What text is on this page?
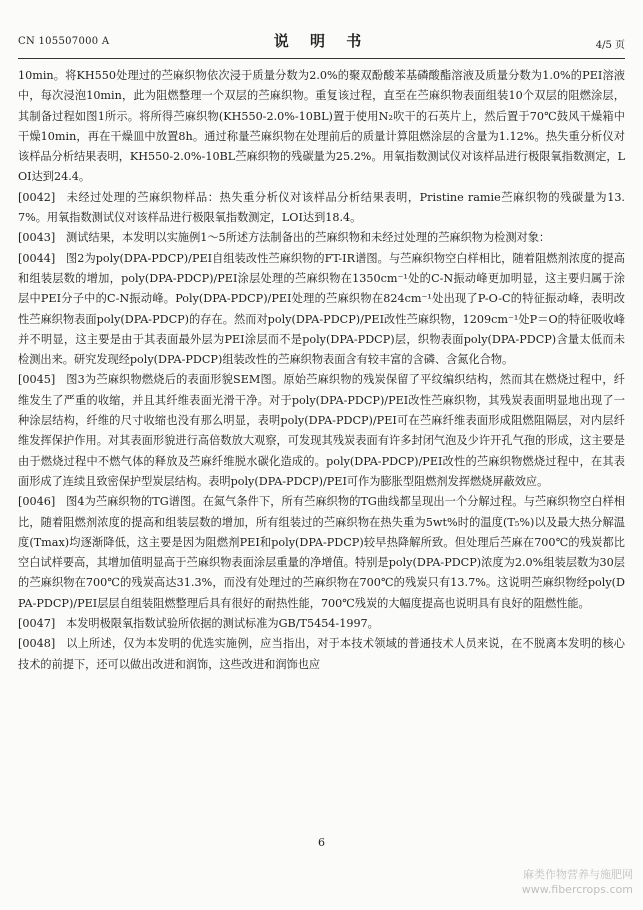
CN 105507000 A	说 明 书	4/5 页

10min。将KH550处理过的苎麻织物依次浸于质量分数为2.0%的聚双酚酸苯基磷酸酯溶液及质量分数为1.0%的PEI溶液中，每次浸泡10min，此为阻燃整理一个双层的苎麻织物。重复该过程，直至在苎麻织物表面组装10个双层的阻燃涂层，其制备过程如图1所示。将所得苎麻织物(KH550-2.0%-10BL)置于使用N₂吹干的石英片上，然后置于70℃鼓风干燥箱中干燥10min，再在干燥皿中放置8h。通过称量苎麻织物在处理前后的质量计算阻燃涂层的含量为1.12%。热失重分析仪对该样品分析结果表明，KH550-2.0%-10BL苎麻织物的残碳量为25.2%。用氧指数测试仪对该样品进行极限氧指数测定，LOI达到24.4。

[0042] 未经过处理的苎麻织物样品：热失重分析仪对该样品分析结果表明，Pristine ramie苎麻织物的残碳量为13.7%。用氧指数测试仪对该样品进行极限氧指数测定，LOI达到18.4。

[0043] 测试结果，本发明以实施例1～5所述方法制备出的苎麻织物和未经过处理的苎麻织物为检测对象：

[0044] 图2为poly(DPA-PDCP)/PEI自组装改性苎麻织物的FT-IR谱图。与苎麻织物空白样相比，随着阻燃剂浓度的提高和组装层数的增加，poly(DPA-PDCP)/PEI涂层处理的苎麻织物在1350cm⁻¹处的C-N振动峰更加明显，这主要归属于涂层中PEI分子中的C-N振动峰。Poly(DPA-PDCP)/PEI处理的苎麻织物在824cm⁻¹处出现了P-O-C的特征振动峰，表明改性苎麻织物表面poly(DPA-PDCP)的存在。然而对poly(DPA-PDCP)/PEI改性苎麻织物，1209cm⁻¹处P＝O的特征吸收峰并不明显，这主要是由于其表面最外层为PEI涂层而不是poly(DPA-PDCP)层，织物表面poly(DPA-PDCP)含量太低而未检测出来。研究发现经poly(DPA-PDCP)组装改性的苎麻织物表面含有较丰富的含磷、含氮化合物。

[0045] 图3为苎麻织物燃烧后的表面形貌SEM图。原始苎麻织物的残炭保留了平纹编织结构，然而其在燃烧过程中，纤维发生了严重的收缩，并且其纤维表面光滑干净。对于poly(DPA-PDCP)/PEI改性苎麻织物，其残炭表面明显地出现了一种涂层结构，纤维的尺寸收缩也没有那么明显，表明poly(DPA-PDCP)/PEI可在苎麻纤维表面形成阻燃阻隔层，对内层纤维发挥保护作用。对其表面形貌进行高倍数放大观察，可发现其残炭表面有许多封闭气泡及少许开孔气孢的形成，这主要是由于燃烧过程中不燃气体的释放及苎麻纤维脱水碳化造成的。poly(DPA-PDCP)/PEI改性的苎麻织物燃烧过程中，在其表面形成了连续且致密保护型炭层结构。表明poly(DPA-PDCP)/PEI可作为膨胀型阻燃剂发挥燃烧屏蔽效应。

[0046] 图4为苎麻织物的TG谱图。在氮气条件下，所有苎麻织物的TG曲线都呈现出一个分解过程。与苎麻织物空白样相比，随着阻燃剂浓度的提高和组装层数的增加，所有组装过的苎麻织物在热失重为5wt%时的温度(T₅%)以及最大热分解温度(Tmax)均逐渐降低，这主要是因为阻燃剂PEI和poly(DPA-PDCP)较早热降解所致。但处理后苎麻在700℃的残炭都比空白试样要高，其增加值明显高于苎麻织物表面涂层重量的净增值。特别是poly(DPA-PDCP)浓度为2.0%组装层数为30层的苎麻织物在700℃的残炭高达31.3%，而没有处理过的苎麻织物在700℃的残炭只有13.7%。这说明苎麻织物经poly(DPA-PDCP)/PEI层层自组装阻燃整理后具有很好的耐热性能，700℃残炭的大幅度提高也说明具有良好的阻燃性能。

[0047] 本发明极限氧指数试验所依据的测试标准为GB/T5454-1997。

[0048] 以上所述，仅为本发明的优选实施例，应当指出，对于本技术领域的普通技术人员来说，在不脱离本发明的核心技术的前提下，还可以做出改进和润饰，这些改进和润饰也应

6
麻类作物营养与施肥网
www.fibercrops.com
